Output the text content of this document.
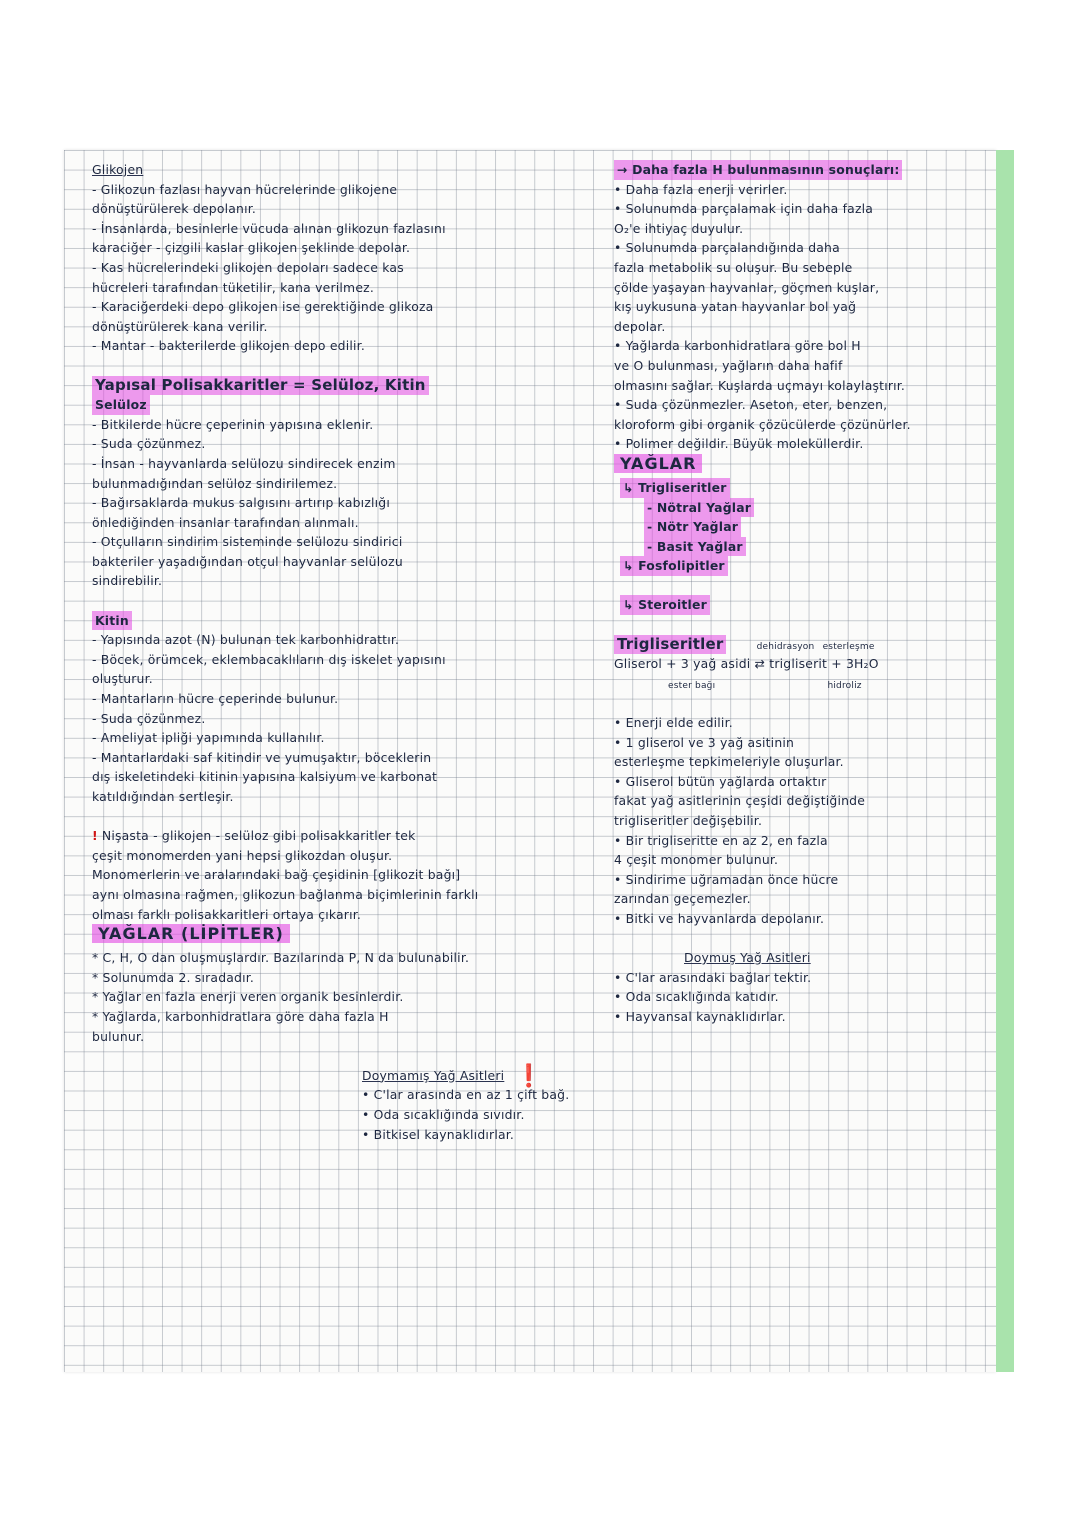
Glikojen
- Glikozun fazlası hayvan hücrelerinde glikojene
dönüştürülerek depolanır.
- İnsanlarda, besinlerle vücuda alınan glikozun fazlasını
karaciğer - çizgili kaslar glikojen şeklinde depolar.
- Kas hücrelerindeki glikojen depoları sadece kas
hücreleri tarafından tüketilir, kana verilmez.
- Karaciğerdeki depo glikojen ise gerektiğinde glikoza
dönüştürülerek kana verilir.
- Mantar - bakterilerde glikojen depo edilir.
Yapısal Polisakkaritler = Selüloz, Kitin
Selüloz
- Bitkilerde hücre çeperinin yapısına eklenir.
- Suda çözünmez.
- İnsan - hayvanlarda selülozu sindirecek enzim
bulunmadığından selüloz sindirilemez.
- Bağırsaklarda mukus salgısını artırıp kabızlığı
önlediğinden insanlar tarafından alınmalı.
- Otçulların sindirim sisteminde selülozu sindirici
bakteriler yaşadığından otçul hayvanlar selülozu
sindirebilir.
Kitin
- Yapısında azot (N) bulunan tek karbonhidrattır.
- Böcek, örümcek, eklembacaklıların dış iskelet yapısını
oluşturur.
- Mantarların hücre çeperinde bulunur.
- Suda çözünmez.
- Ameliyat ipliği yapımında kullanılır.
- Mantarlardaki saf kitindir ve yumuşaktır, böceklerin
dış iskeletindeki kitinin yapısına kalsiyum ve karbonat
katıldığından sertleşir.
! Nişasta - glikojen - selüloz gibi polisakkaritler tek
çeşit monomerden yani hepsi glikozdan oluşur.
Monomerlerin ve aralarındaki bağ çeşidinin [glikozit bağı]
aynı olmasına rağmen, glikozun bağlanma biçimlerinin farklı
olması farklı polisakkaritleri ortaya çıkarır.
YAĞLAR (LİPİTLER)
* C, H, O dan oluşmuşlardır. Bazılarında P, N da bulunabilir.
* Solunumda 2. sıradadır.
* Yağlar en fazla enerji veren organik besinlerdir.
* Yağlarda, karbonhidratlara göre daha fazla H
bulunur.
Doymamış Yağ Asitleri
• C'lar arasında en az 1 çift bağ.
• Oda sıcaklığında sıvıdır.
• Bitkisel kaynaklıdırlar.
❗
→ Daha fazla H bulunmasının sonuçları:
• Daha fazla enerji verirler.
• Solunumda parçalamak için daha fazla
O₂'e ihtiyaç duyulur.
• Solunumda parçalandığında daha
fazla metabolik su oluşur. Bu sebeple
çölde yaşayan hayvanlar, göçmen kuşlar,
kış uykusuna yatan hayvanlar bol yağ
depolar.
• Yağlarda karbonhidratlara göre bol H
ve O bulunması, yağların daha hafif
olmasını sağlar. Kuşlarda uçmayı kolaylaştırır.
• Suda çözünmezler. Aseton, eter, benzen,
kloroform gibi organik çözücülerde çözünürler.
• Polimer değildir. Büyük moleküllerdir.
YAĞLAR
↳ Trigliseritler
- Nötral Yağlar
- Nötr Yağlar
- Basit Yağlar
↳ Fosfolipitler
↳ Steroitler
Trigliseritler	dehidrasyon esterleşme
Gliserol + 3 yağ asidi ⇄ trigliserit + 3H₂O
ester bağı	hidroliz
• Enerji elde edilir.
• 1 gliserol ve 3 yağ asitinin
esterleşme tepkimeleriyle oluşurlar.
• Gliserol bütün yağlarda ortaktır
fakat yağ asitlerinin çeşidi değiştiğinde
trigliseritler değişebilir.
• Bir trigliseritte en az 2, en fazla
4 çeşit monomer bulunur.
• Sindirime uğramadan önce hücre
zarından geçemezler.
• Bitki ve hayvanlarda depolanır.
Doymuş Yağ Asitleri
• C'lar arasındaki bağlar tektir.
• Oda sıcaklığında katıdır.
• Hayvansal kaynaklıdırlar.
